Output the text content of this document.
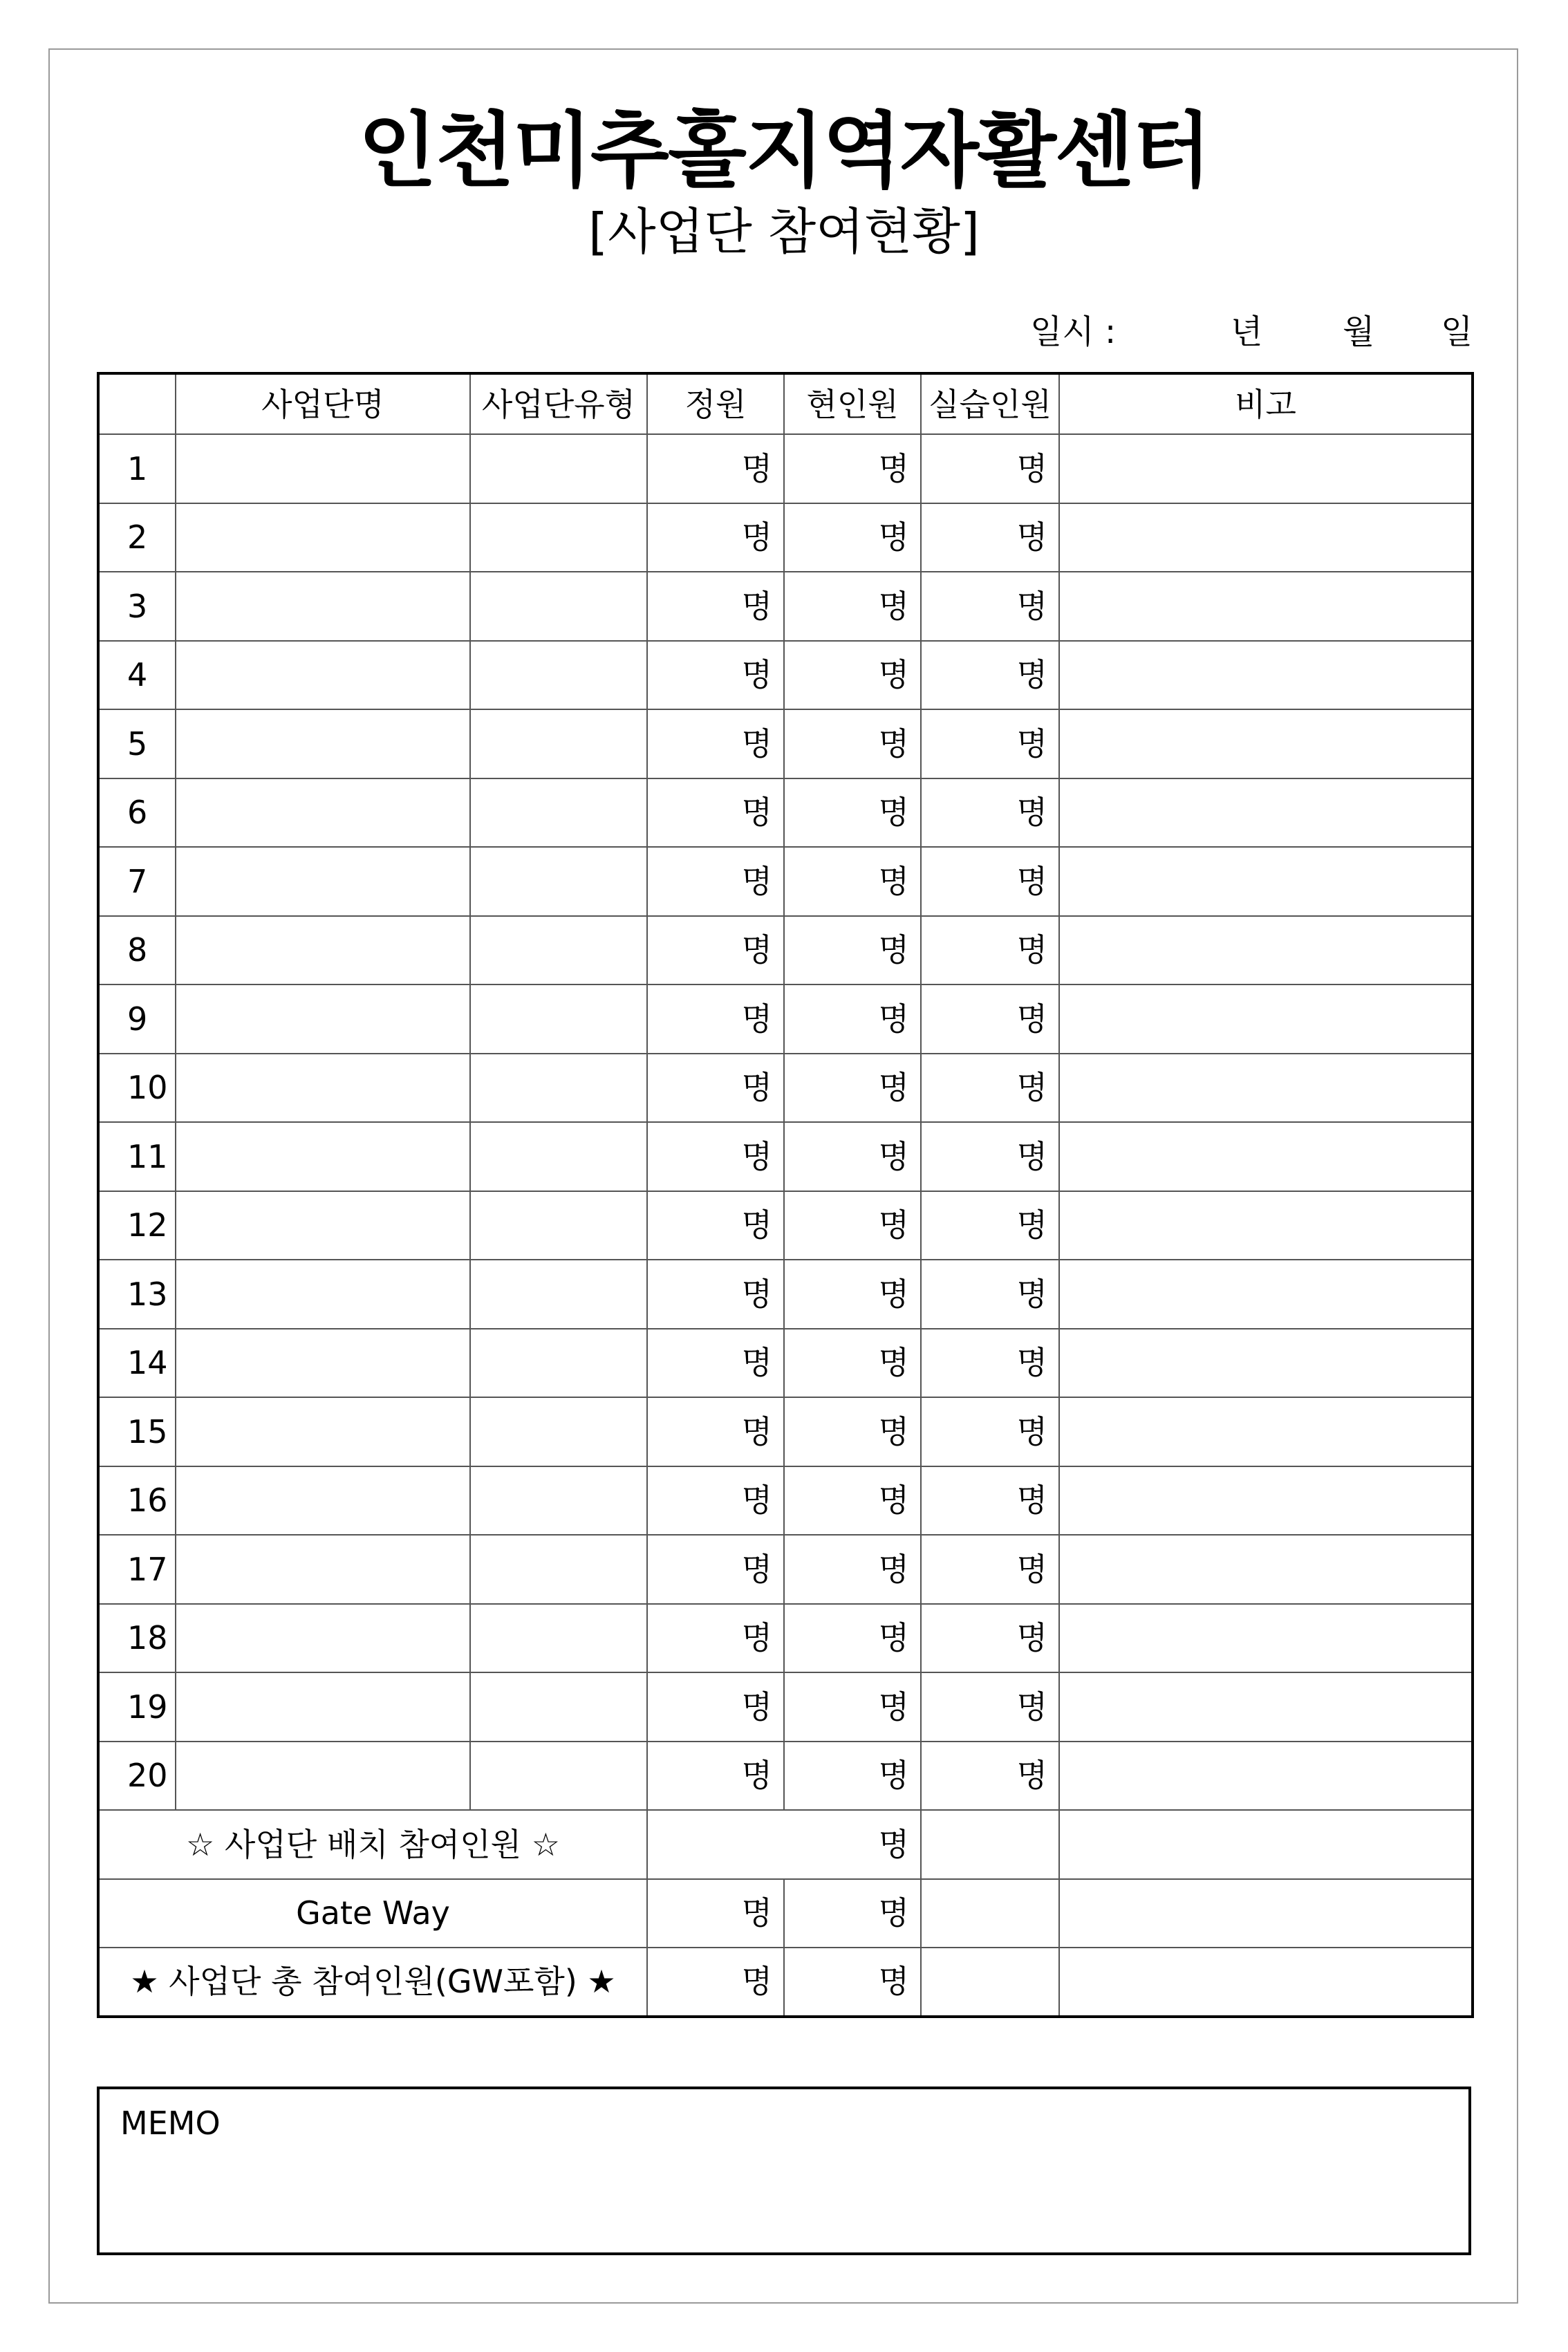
인천미추홀지역자활센터
[사업단 참여현황]
일시 :	년 월 일
	사업단명	사업단유형	정원	현인원	실습인원	비고
1			명	명	명	
2			명	명	명	
3			명	명	명	
4			명	명	명	
5			명	명	명	
6			명	명	명	
7			명	명	명	
8			명	명	명	
9			명	명	명	
10			명	명	명	
11			명	명	명	
12			명	명	명	
13			명	명	명	
14			명	명	명	
15			명	명	명	
16			명	명	명	
17			명	명	명	
18			명	명	명	
19			명	명	명	
20			명	명	명	
☆ 사업단 배치 참여인원 ☆			명			
Gate Way			명	명		
★ 사업단 총 참여인원(GW포함) ★			명	명		
MEMO
